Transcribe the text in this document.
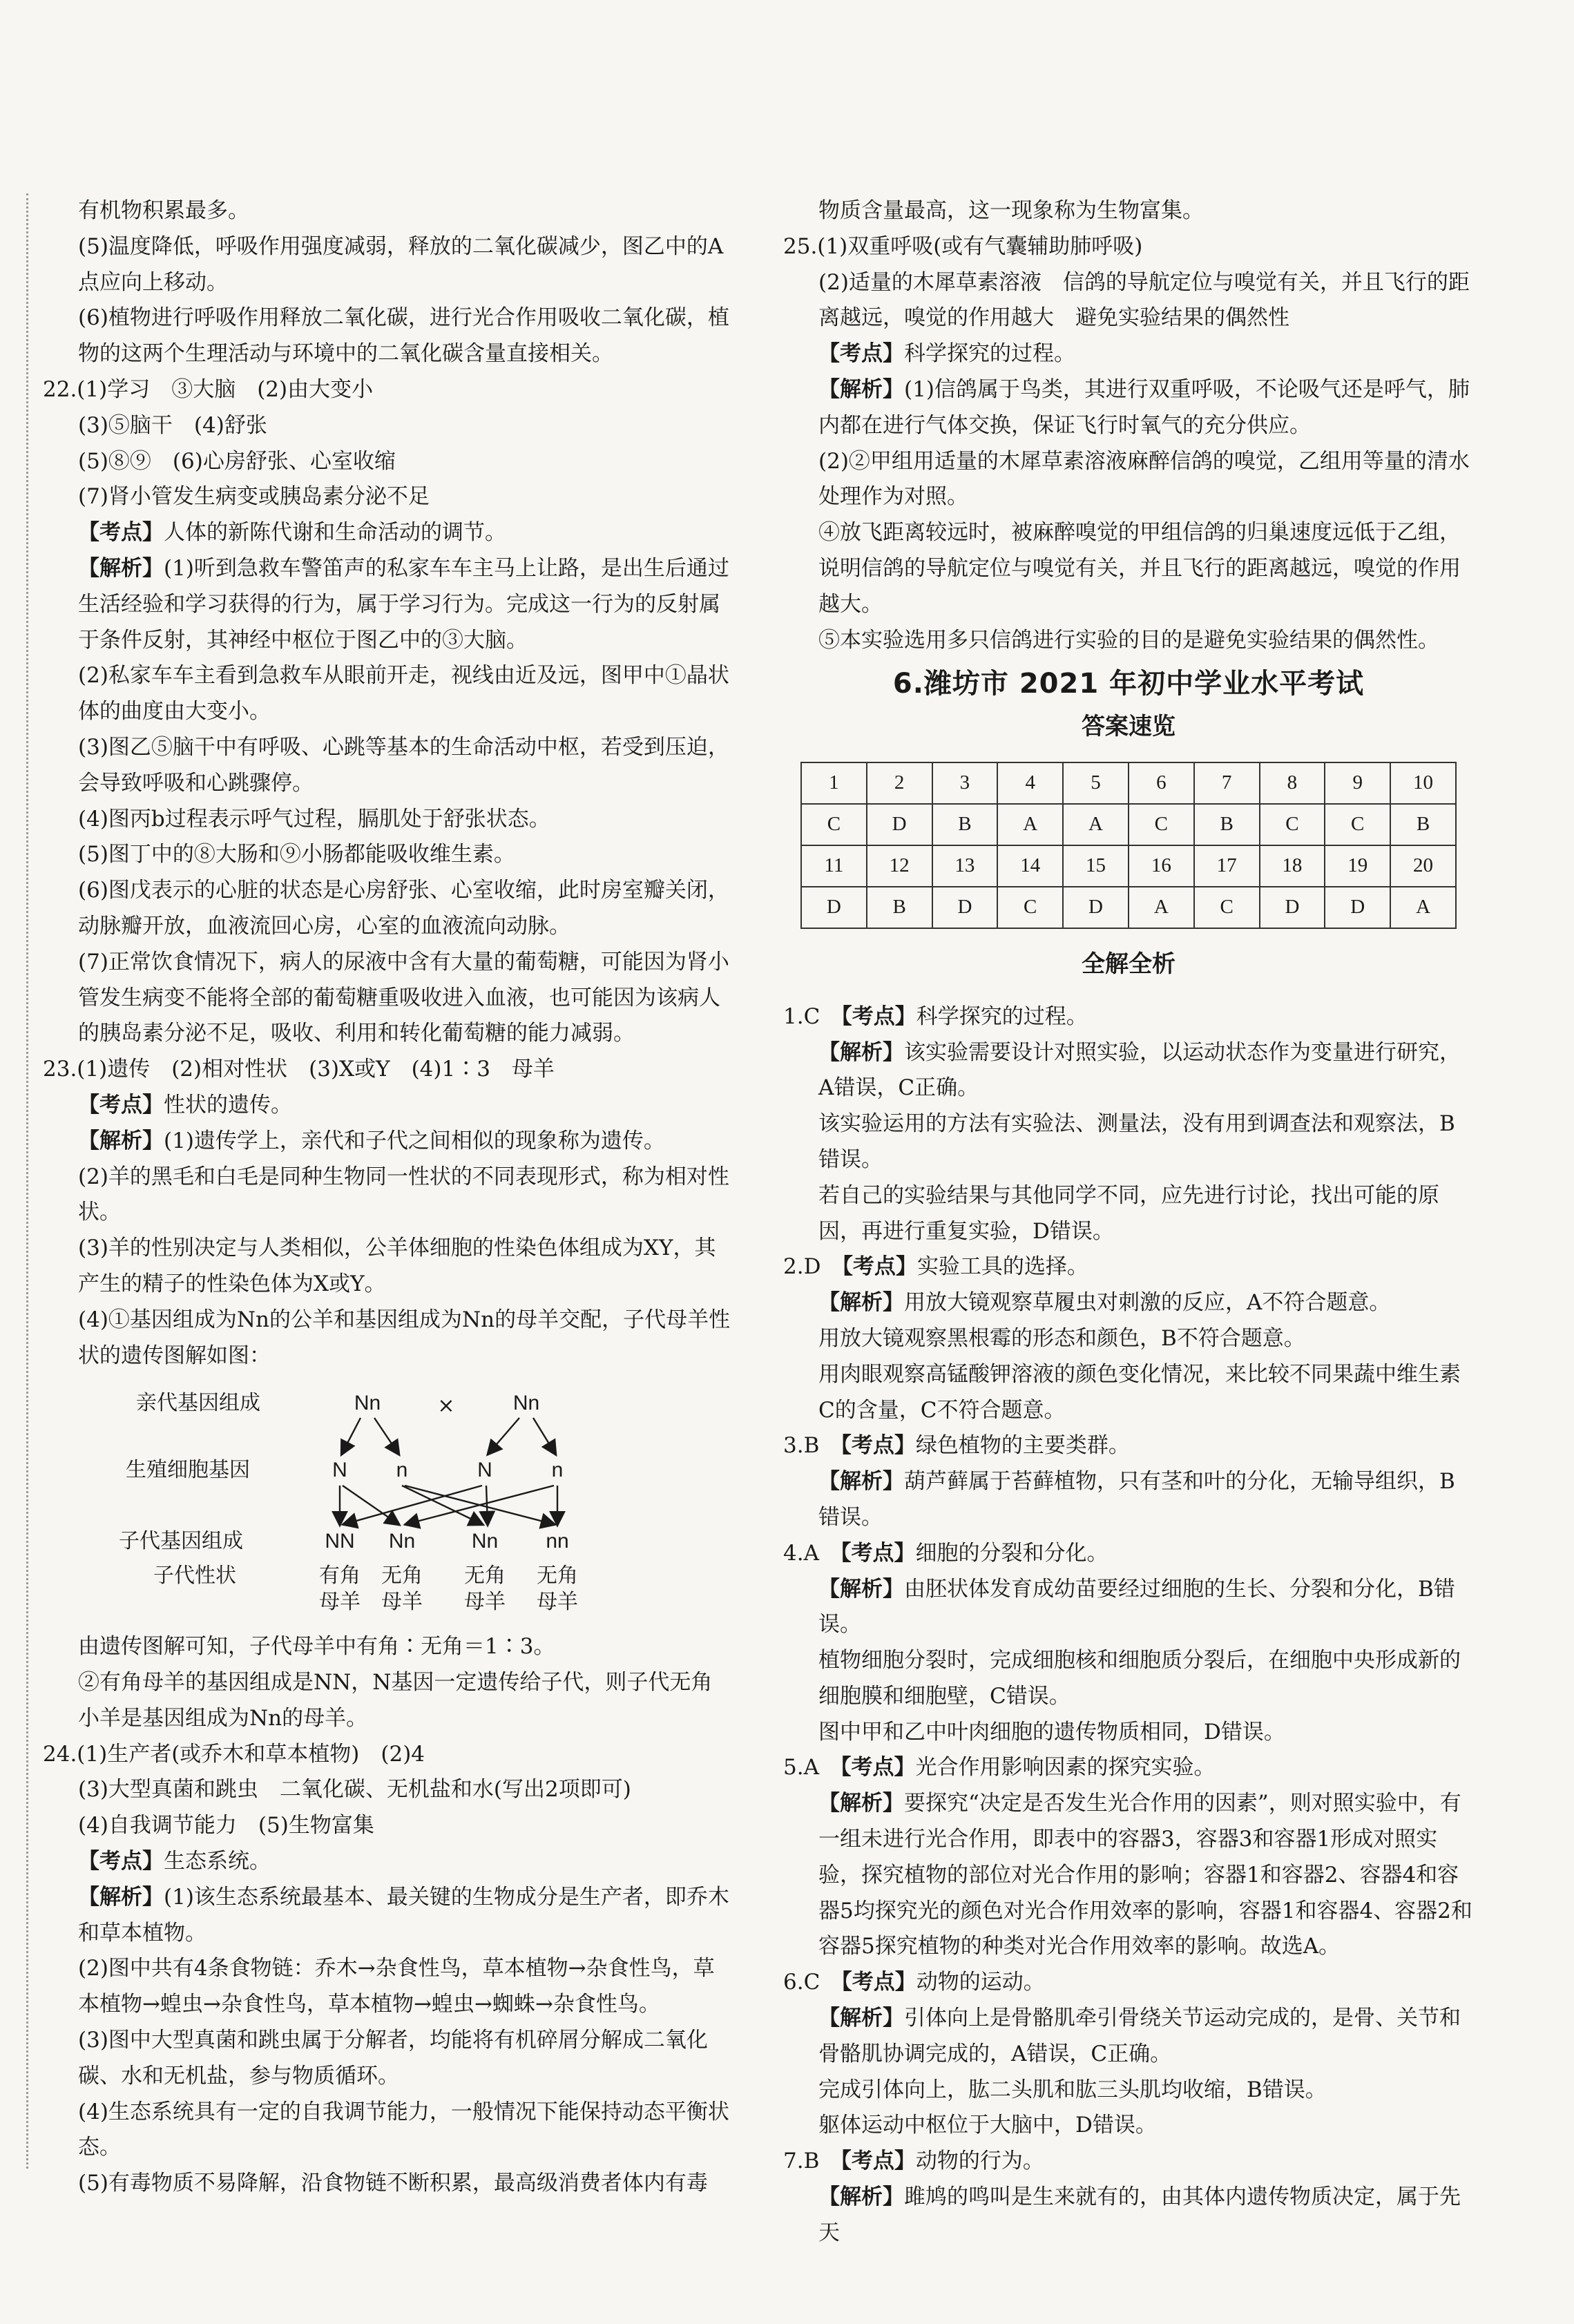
有机物积累最多。

(5)温度降低，呼吸作用强度减弱，释放的二氧化碳减少，图乙中的A点应向上移动。

(6)植物进行呼吸作用释放二氧化碳，进行光合作用吸收二氧化碳，植物的这两个生理活动与环境中的二氧化碳含量直接相关。

22.(1)学习　③大脑　(2)由大变小

(3)⑤脑干　(4)舒张

(5)⑧⑨　(6)心房舒张、心室收缩

(7)肾小管发生病变或胰岛素分泌不足

【考点】人体的新陈代谢和生命活动的调节。

【解析】(1)听到急救车警笛声的私家车车主马上让路，是出生后通过生活经验和学习获得的行为，属于学习行为。完成这一行为的反射属于条件反射，其神经中枢位于图乙中的③大脑。

(2)私家车车主看到急救车从眼前开走，视线由近及远，图甲中①晶状体的曲度由大变小。

(3)图乙⑤脑干中有呼吸、心跳等基本的生命活动中枢，若受到压迫，会导致呼吸和心跳骤停。

(4)图丙b过程表示呼气过程，膈肌处于舒张状态。

(5)图丁中的⑧大肠和⑨小肠都能吸收维生素。

(6)图戊表示的心脏的状态是心房舒张、心室收缩，此时房室瓣关闭，动脉瓣开放，血液流回心房，心室的血液流向动脉。

(7)正常饮食情况下，病人的尿液中含有大量的葡萄糖，可能因为肾小管发生病变不能将全部的葡萄糖重吸收进入血液，也可能因为该病人的胰岛素分泌不足，吸收、利用和转化葡萄糖的能力减弱。

23.(1)遗传　(2)相对性状　(3)X或Y　(4)1∶3　母羊

【考点】性状的遗传。

【解析】(1)遗传学上，亲代和子代之间相似的现象称为遗传。

(2)羊的黑毛和白毛是同种生物同一性状的不同表现形式，称为相对性状。

(3)羊的性别决定与人类相似，公羊体细胞的性染色体组成为XY，其产生的精子的性染色体为X或Y。

(4)①基因组成为Nn的公羊和基因组成为Nn的母羊交配，子代母羊性状的遗传图解如图：

亲代基因组成
生殖细胞基因
子代基因组成
子代性状
Nn	×	Nn
N n	N	n
NN Nn	Nn nn
有角
母羊
无角
母羊
无角
母羊
无角
母羊

由遗传图解可知，子代母羊中有角∶无角＝1∶3。

②有角母羊的基因组成是NN，N基因一定遗传给子代，则子代无角小羊是基因组成为Nn的母羊。

24.(1)生产者(或乔木和草本植物)　(2)4

(3)大型真菌和跳虫　二氧化碳、无机盐和水(写出2项即可)

(4)自我调节能力　(5)生物富集

【考点】生态系统。

【解析】(1)该生态系统最基本、最关键的生物成分是生产者，即乔木和草本植物。

(2)图中共有4条食物链：乔木→杂食性鸟，草本植物→杂食性鸟，草本植物→蝗虫→杂食性鸟，草本植物→蝗虫→蜘蛛→杂食性鸟。

(3)图中大型真菌和跳虫属于分解者，均能将有机碎屑分解成二氧化碳、水和无机盐，参与物质循环。

(4)生态系统具有一定的自我调节能力，一般情况下能保持动态平衡状态。

(5)有毒物质不易降解，沿食物链不断积累，最高级消费者体内有毒

物质含量最高，这一现象称为生物富集。

25.(1)双重呼吸(或有气囊辅助肺呼吸)

(2)适量的木犀草素溶液　信鸽的导航定位与嗅觉有关，并且飞行的距离越远，嗅觉的作用越大　避免实验结果的偶然性

【考点】科学探究的过程。

【解析】(1)信鸽属于鸟类，其进行双重呼吸，不论吸气还是呼气，肺内都在进行气体交换，保证飞行时氧气的充分供应。

(2)②甲组用适量的木犀草素溶液麻醉信鸽的嗅觉，乙组用等量的清水处理作为对照。

④放飞距离较远时，被麻醉嗅觉的甲组信鸽的归巢速度远低于乙组，说明信鸽的导航定位与嗅觉有关，并且飞行的距离越远，嗅觉的作用越大。

⑤本实验选用多只信鸽进行实验的目的是避免实验结果的偶然性。

6.潍坊市 2021 年初中学业水平考试
答案速览
1	2	3	4	5	6	7	8	9	10
C	D	B	A	A	C	B	C	C	B
11	12	13	14	15	16	17	18	19	20
D	B	D	C	D	A	C	D	D	A
全解全析

1.C　【考点】科学探究的过程。

【解析】该实验需要设计对照实验，以运动状态作为变量进行研究，A错误，C正确。

该实验运用的方法有实验法、测量法，没有用到调查法和观察法，B错误。

若自己的实验结果与其他同学不同，应先进行讨论，找出可能的原因，再进行重复实验，D错误。

2.D　【考点】实验工具的选择。

【解析】用放大镜观察草履虫对刺激的反应，A不符合题意。

用放大镜观察黑根霉的形态和颜色，B不符合题意。

用肉眼观察高锰酸钾溶液的颜色变化情况，来比较不同果蔬中维生素C的含量，C不符合题意。

3.B　【考点】绿色植物的主要类群。

【解析】葫芦藓属于苔藓植物，只有茎和叶的分化，无输导组织，B错误。

4.A　【考点】细胞的分裂和分化。

【解析】由胚状体发育成幼苗要经过细胞的生长、分裂和分化，B错误。

植物细胞分裂时，完成细胞核和细胞质分裂后，在细胞中央形成新的细胞膜和细胞壁，C错误。

图中甲和乙中叶肉细胞的遗传物质相同，D错误。

5.A　【考点】光合作用影响因素的探究实验。

【解析】要探究“决定是否发生光合作用的因素”，则对照实验中，有一组未进行光合作用，即表中的容器3，容器3和容器1形成对照实验，探究植物的部位对光合作用的影响；容器1和容器2、容器4和容器5均探究光的颜色对光合作用效率的影响，容器1和容器4、容器2和容器5探究植物的种类对光合作用效率的影响。故选A。

6.C　【考点】动物的运动。

【解析】引体向上是骨骼肌牵引骨绕关节运动完成的，是骨、关节和骨骼肌协调完成的，A错误，C正确。

完成引体向上，肱二头肌和肱三头肌均收缩，B错误。

躯体运动中枢位于大脑中，D错误。

7.B　【考点】动物的行为。

【解析】雎鸠的鸣叫是生来就有的，由其体内遗传物质决定，属于先天
